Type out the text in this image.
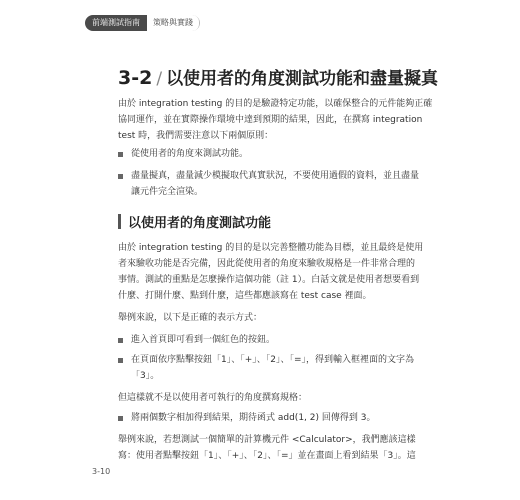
前端測試指南	策略與實踐
3-2 / 以使用者的角度測試功能和盡量擬真

由於 integration testing 的目的是驗證特定功能，以確保整合的元件能夠正確
協同運作，並在實際操作環境中達到預期的結果，因此，在撰寫 integration
test 時，我們需要注意以下兩個原則：

從使用者的角度來測試功能。
盡量擬真，盡量減少模擬取代真實狀況，不要使用過假的資料，並且盡量
讓元件完全渲染。
以使用者的角度測試功能

由於 integration testing 的目的是以完善整體功能為目標，並且最終是使用
者來驗收功能是否完備，因此從使用者的角度來驗收規格是一件非常合理的
事情。測試的重點是怎麼操作這個功能（註 1）。白話文就是使用者想要看到
什麼、打開什麼、點到什麼，這些都應該寫在 test case 裡面。

舉例來說，以下是正確的表示方式：

進入首頁即可看到一個紅色的按鈕。
在頁面依序點擊按鈕「1」、「+」、「2」、「=」，得到輸入框裡面的文字為
「3」。

但這樣就不是以使用者可執行的角度撰寫規格：

將兩個數字相加得到結果，期待函式 add(1, 2) 回傳得到 3。

舉例來說，若想測試一個簡單的計算機元件 <Calculator>，我們應該這樣
寫：使用者點擊按鈕「1」、「+」、「2」、「=」並在畫面上看到結果「3」。這

3-10
